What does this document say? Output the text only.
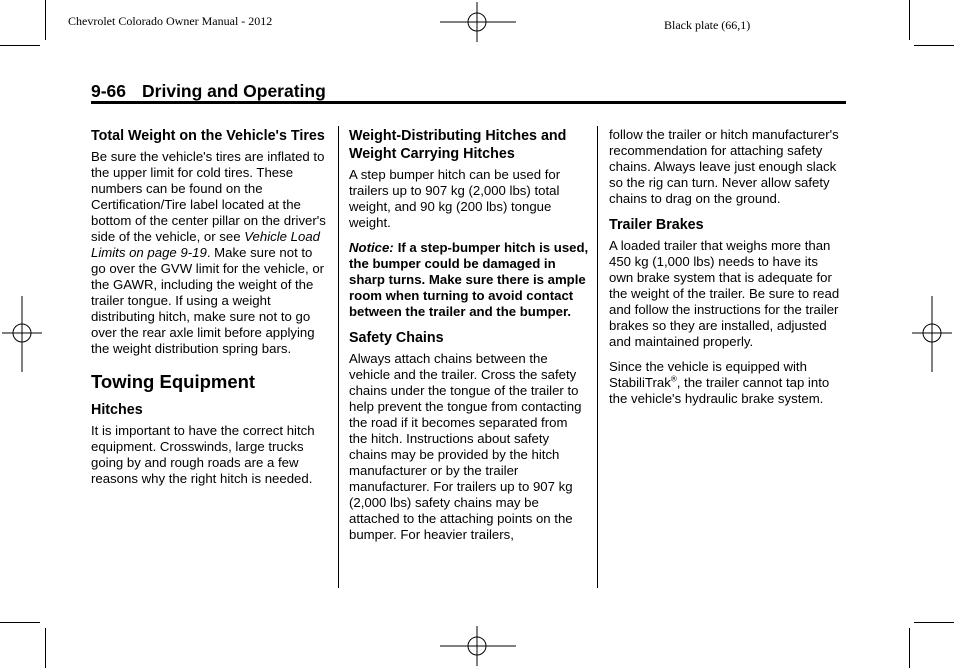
Chevrolet Colorado Owner Manual - 2012	Black plate (66,1)
9-66 Driving and Operating
Total Weight on the Vehicle's Tires

Be sure the vehicle's tires are inflated to the upper limit for cold tires. These numbers can be found on the Certification/Tire label located at the bottom of the center pillar on the driver's side of the vehicle, or see Vehicle Load Limits on page 9-19. Make sure not to go over the GVW limit for the vehicle, or the GAWR, including the weight of the trailer tongue. If using a weight distributing hitch, make sure not to go over the rear axle limit before applying the weight distribution spring bars.

Towing Equipment
Hitches

It is important to have the correct hitch equipment. Crosswinds, large trucks going by and rough roads are a few reasons why the right hitch is needed.

Weight-Distributing Hitches and Weight Carrying Hitches

A step bumper hitch can be used for trailers up to 907 kg (2,000 lbs) total weight, and 90 kg (200 lbs) tongue weight.

Notice: If a step-bumper hitch is used, the bumper could be damaged in sharp turns. Make sure there is ample room when turning to avoid contact between the trailer and the bumper.

Safety Chains

Always attach chains between the vehicle and the trailer. Cross the safety chains under the tongue of the trailer to help prevent the tongue from contacting the road if it becomes separated from the hitch. Instructions about safety chains may be provided by the hitch manufacturer or by the trailer manufacturer. For trailers up to 907 kg (2,000 lbs) safety chains may be attached to the attaching points on the bumper. For heavier trailers,

follow the trailer or hitch manufacturer's recommendation for attaching safety chains. Always leave just enough slack so the rig can turn. Never allow safety chains to drag on the ground.

Trailer Brakes

A loaded trailer that weighs more than 450 kg (1,000 lbs) needs to have its own brake system that is adequate for the weight of the trailer. Be sure to read and follow the instructions for the trailer brakes so they are installed, adjusted and maintained properly.

Since the vehicle is equipped with StabiliTrak®, the trailer cannot tap into the vehicle's hydraulic brake system.
